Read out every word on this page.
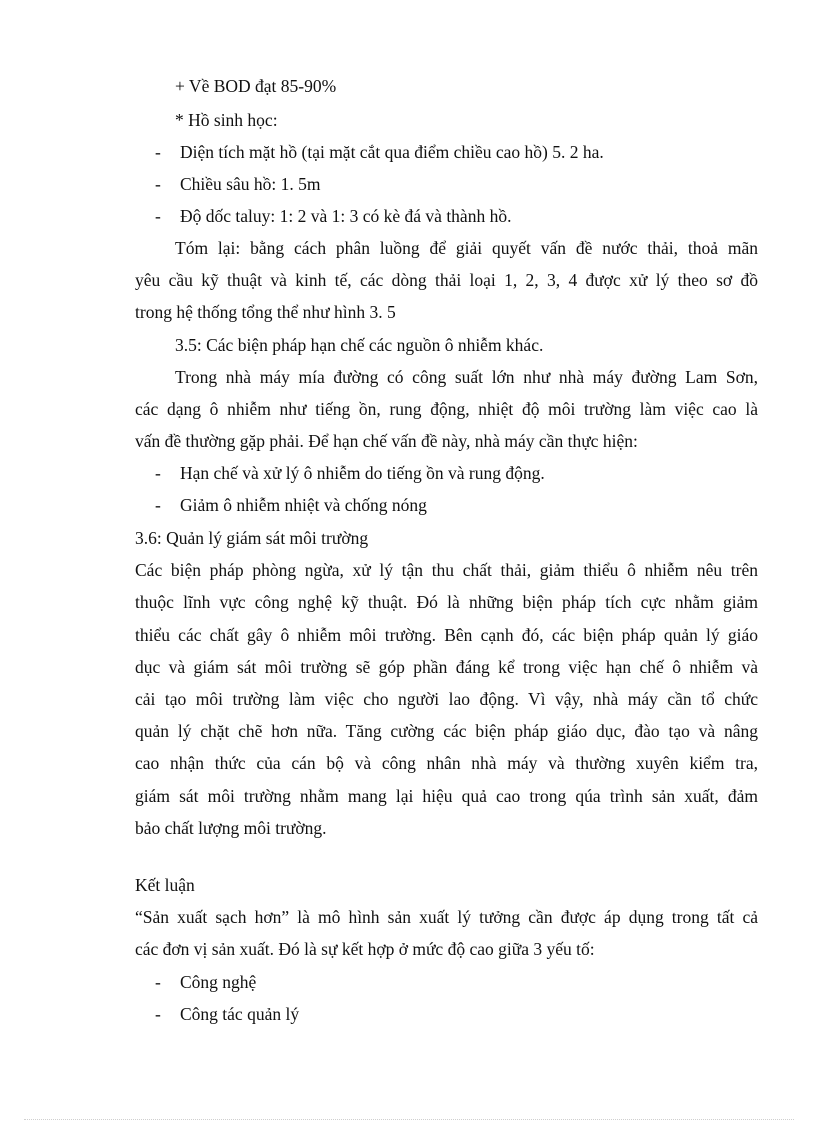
+ Về BOD đạt 85-90%
* Hồ sinh học:
- Diện tích mặt hồ (tại mặt cắt qua điểm chiều cao hồ) 5. 2 ha.
- Chiều sâu hồ: 1. 5m
- Độ dốc taluy: 1: 2 và 1: 3 có kè đá và thành hồ.
Tóm lại: bằng cách phân luồng để giải quyết vấn đề nước thải, thoả mãn
yêu cầu kỹ thuật và kinh tế, các dòng thải loại 1, 2, 3, 4 được xử lý theo sơ đồ
trong hệ thống tổng thể như hình 3. 5
3.5: Các biện pháp hạn chế các nguồn ô nhiễm khác.
Trong nhà máy mía đường có công suất lớn như nhà máy đường Lam Sơn,
các dạng ô nhiễm như tiếng ồn, rung động, nhiệt độ môi trường làm việc cao là
vấn đề thường gặp phải. Để hạn chế vấn đề này, nhà máy cần thực hiện:
- Hạn chế và xử lý ô nhiễm do tiếng ồn và rung động.
- Giảm ô nhiễm nhiệt và chống nóng
3.6: Quản lý giám sát môi trường
Các biện pháp phòng ngừa, xử lý tận thu chất thải, giảm thiểu ô nhiễm nêu trên
thuộc lĩnh vực công nghệ kỹ thuật. Đó là những biện pháp tích cực nhằm giảm
thiểu các chất gây ô nhiễm môi trường. Bên cạnh đó, các biện pháp quản lý giáo
dục và giám sát môi trường sẽ góp phần đáng kể trong việc hạn chế ô nhiễm và
cải tạo môi trường làm việc cho người lao động. Vì vậy, nhà máy cần tổ chức
quản lý chặt chẽ hơn nữa. Tăng cường các biện pháp giáo dục, đào tạo và nâng
cao nhận thức của cán bộ và công nhân nhà máy và thường xuyên kiểm tra,
giám sát môi trường nhằm mang lại hiệu quả cao trong qúa trình sản xuất, đảm
bảo chất lượng môi trường.
Kết luận
“Sản xuất sạch hơn” là mô hình sản xuất lý tưởng cần được áp dụng trong tất cả
các đơn vị sản xuất. Đó là sự kết hợp ở mức độ cao giữa 3 yếu tố:
- Công nghệ
- Công tác quản lý
